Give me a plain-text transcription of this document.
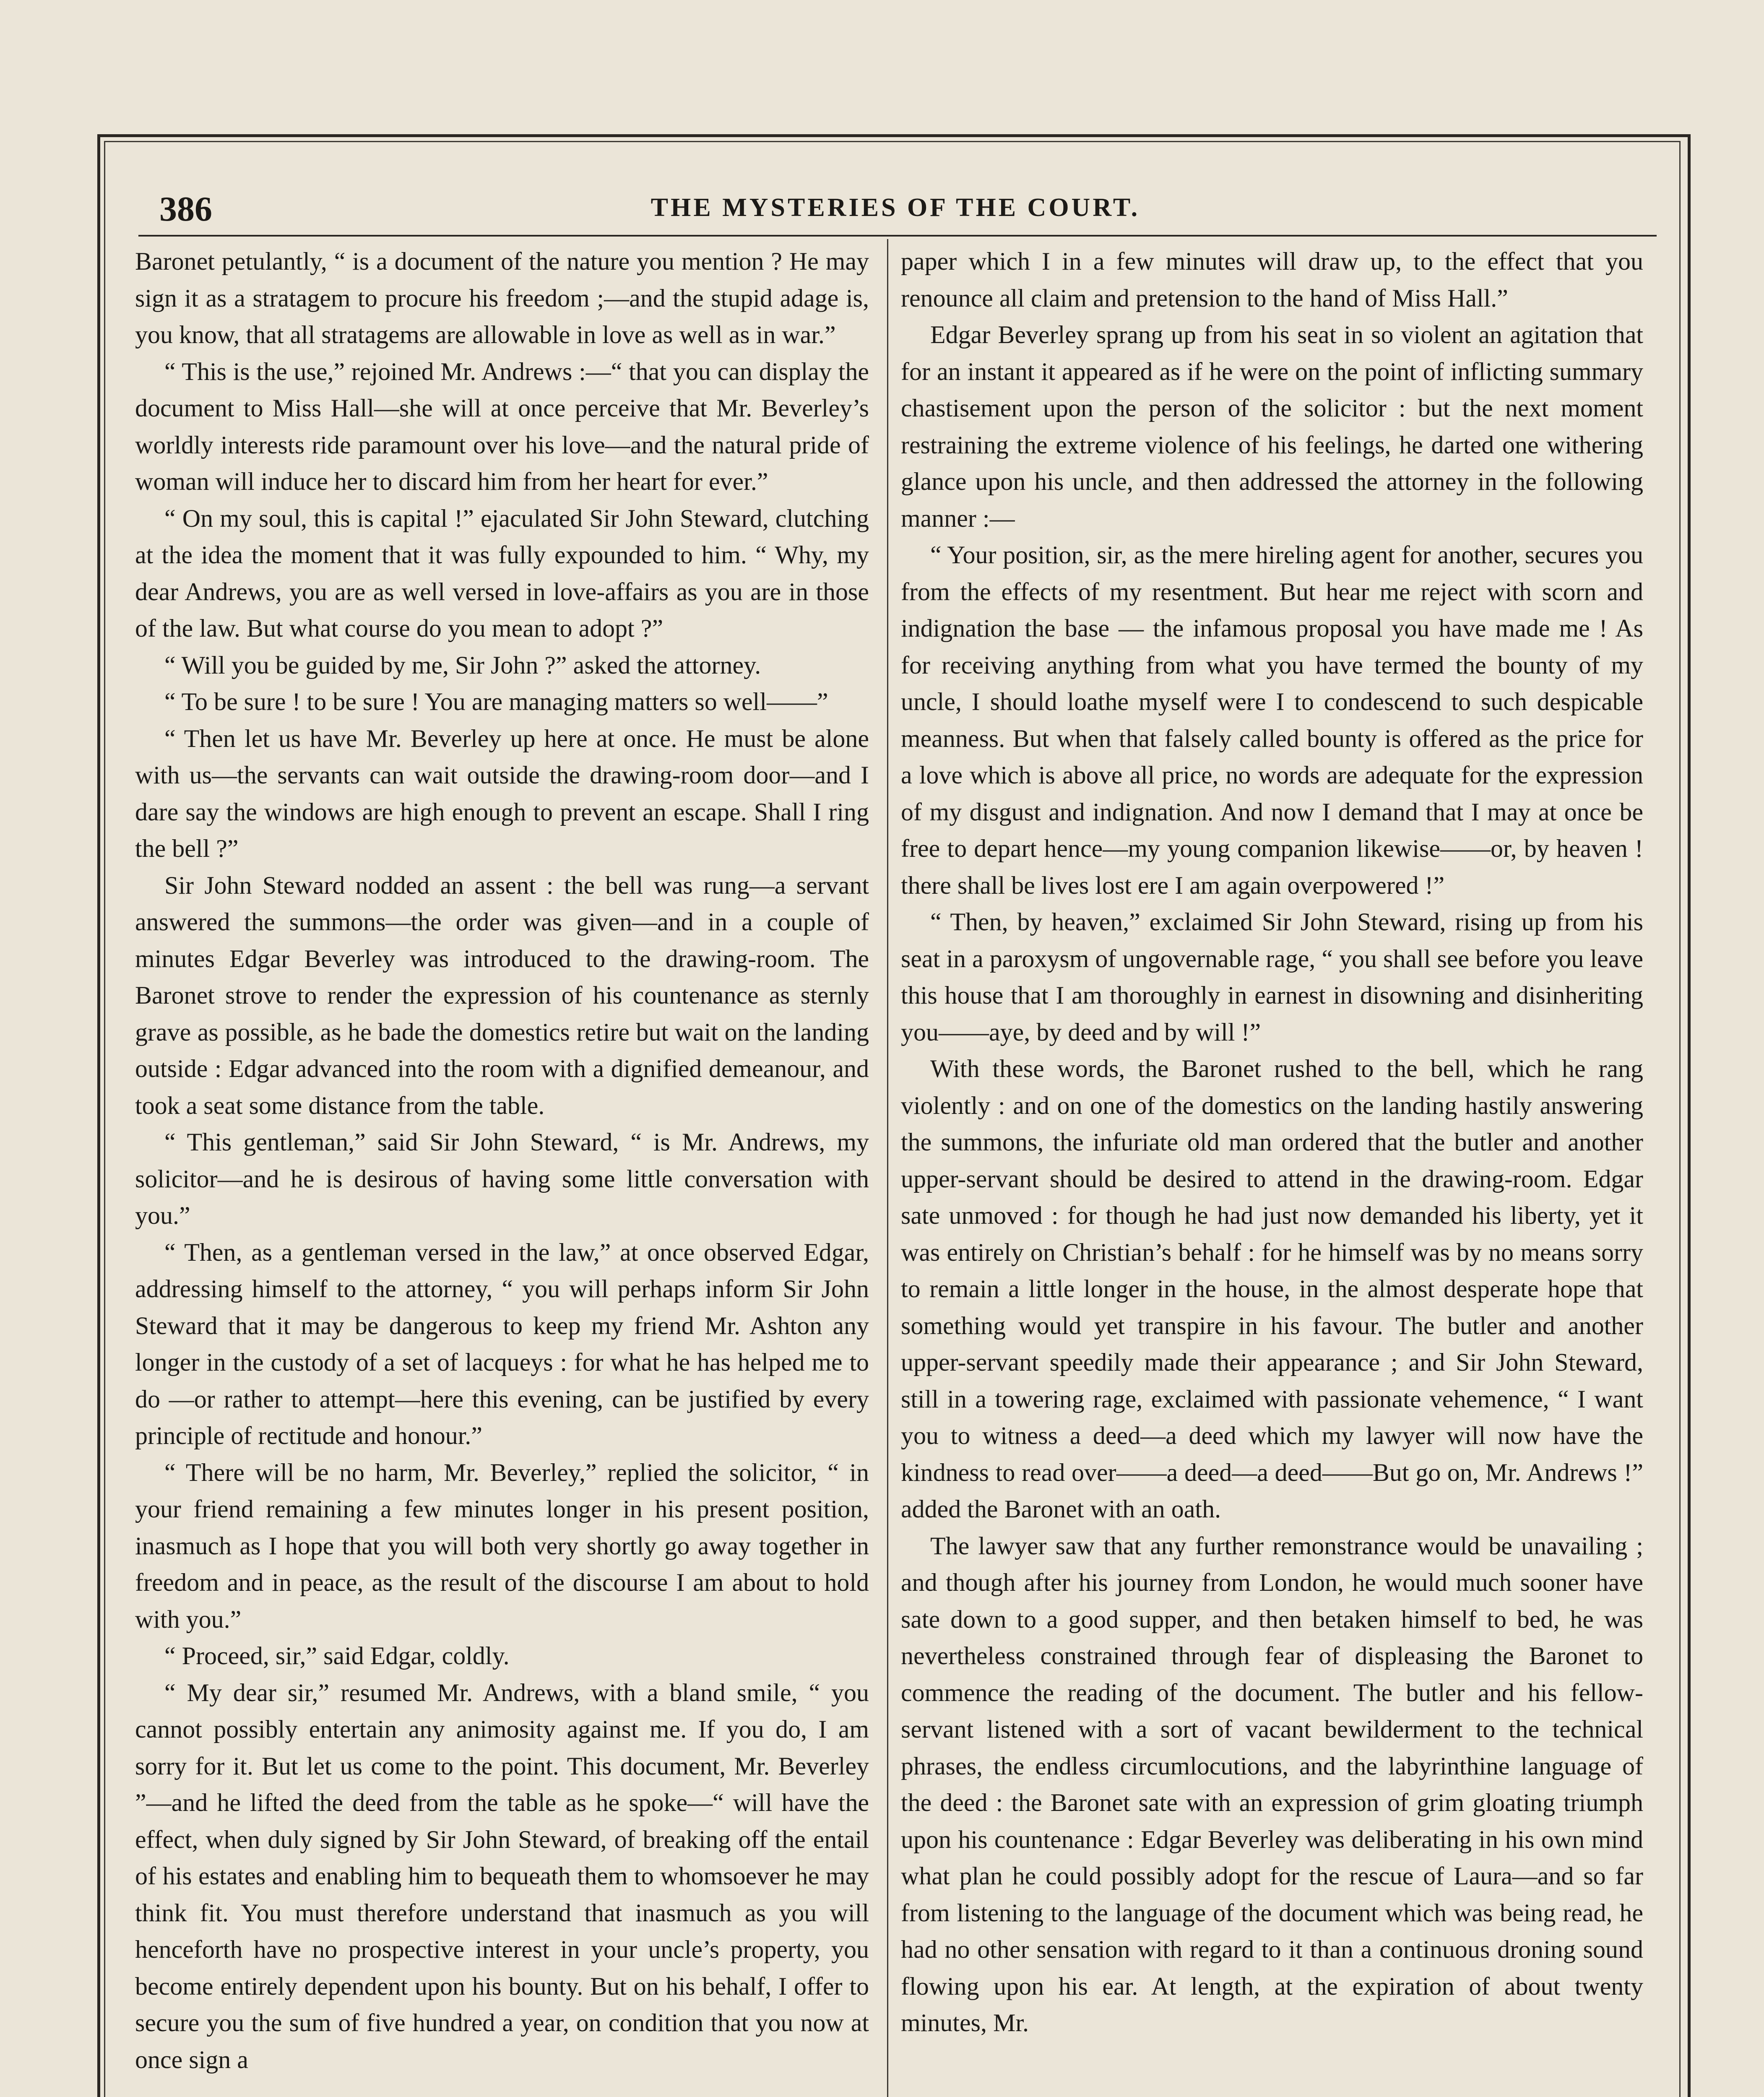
386	THE MYSTERIES OF THE COURT.

Baronet petulantly, “ is a document of the nature you mention ? He may sign it as a stratagem to procure his freedom ;—and the stupid adage is, you know, that all stratagems are allowable in love as well as in war.”

“ This is the use,” rejoined Mr. Andrews :—“ that you can display the document to Miss Hall—she will at once perceive that Mr. Beverley’s worldly interests ride paramount over his love—and the natural pride of woman will induce her to discard him from her heart for ever.”

“ On my soul, this is capital !” ejaculated Sir John Steward, clutching at the idea the moment that it was fully expounded to him. “ Why, my dear Andrews, you are as well versed in love-affairs as you are in those of the law. But what course do you mean to adopt ?”

“ Will you be guided by me, Sir John ?” asked the attorney.

“ To be sure ! to be sure ! You are managing matters so well——”

“ Then let us have Mr. Beverley up here at once. He must be alone with us—the servants can wait outside the drawing-room door—and I dare say the windows are high enough to prevent an escape. Shall I ring the bell ?”

Sir John Steward nodded an assent : the bell was rung—a servant answered the summons—the order was given—and in a couple of minutes Edgar Beverley was introduced to the drawing-room. The Baronet strove to render the expression of his countenance as sternly grave as possible, as he bade the domestics retire but wait on the landing outside : Edgar advanced into the room with a dignified demeanour, and took a seat some distance from the table.

“ This gentleman,” said Sir John Steward, “ is Mr. Andrews, my solicitor—and he is desirous of having some little conversation with you.”

“ Then, as a gentleman versed in the law,” at once observed Edgar, addressing himself to the attorney, “ you will perhaps inform Sir John Steward that it may be dangerous to keep my friend Mr. Ashton any longer in the custody of a set of lacqueys : for what he has helped me to do —or rather to attempt—here this evening, can be justified by every principle of rectitude and honour.”

“ There will be no harm, Mr. Beverley,” replied the solicitor, “ in your friend remaining a few minutes longer in his present position, inasmuch as I hope that you will both very shortly go away together in freedom and in peace, as the result of the discourse I am about to hold with you.”

“ Proceed, sir,” said Edgar, coldly.

“ My dear sir,” resumed Mr. Andrews, with a bland smile, “ you cannot possibly entertain any animosity against me. If you do, I am sorry for it. But let us come to the point. This document, Mr. Beverley ”—and he lifted the deed from the table as he spoke—“ will have the effect, when duly signed by Sir John Steward, of breaking off the entail of his estates and enabling him to bequeath them to whomsoever he may think fit. You must therefore understand that inasmuch as you will henceforth have no prospective interest in your uncle’s property, you become entirely dependent upon his bounty. But on his behalf, I offer to secure you the sum of five hundred a year, on condition that you now at once sign a

paper which I in a few minutes will draw up, to the effect that you renounce all claim and pretension to the hand of Miss Hall.”

Edgar Beverley sprang up from his seat in so violent an agitation that for an instant it appeared as if he were on the point of inflicting summary chastisement upon the person of the solicitor : but the next moment restraining the extreme violence of his feelings, he darted one withering glance upon his uncle, and then addressed the attorney in the following manner :—

“ Your position, sir, as the mere hireling agent for another, secures you from the effects of my resentment. But hear me reject with scorn and indignation the base — the infamous proposal you have made me ! As for receiving anything from what you have termed the bounty of my uncle, I should loathe myself were I to condescend to such despicable meanness. But when that falsely called bounty is offered as the price for a love which is above all price, no words are adequate for the expression of my disgust and indignation. And now I demand that I may at once be free to depart hence—my young companion likewise——or, by heaven ! there shall be lives lost ere I am again overpowered !”

“ Then, by heaven,” exclaimed Sir John Steward, rising up from his seat in a paroxysm of ungovernable rage, “ you shall see before you leave this house that I am thoroughly in earnest in disowning and disinheriting you——aye, by deed and by will !”

With these words, the Baronet rushed to the bell, which he rang violently : and on one of the domestics on the landing hastily answering the summons, the infuriate old man ordered that the butler and another upper-servant should be desired to attend in the drawing-room. Edgar sate unmoved : for though he had just now demanded his liberty, yet it was entirely on Christian’s behalf : for he himself was by no means sorry to remain a little longer in the house, in the almost desperate hope that something would yet transpire in his favour. The butler and another upper-servant speedily made their appearance ; and Sir John Steward, still in a towering rage, exclaimed with passionate vehemence, “ I want you to witness a deed—a deed which my lawyer will now have the kindness to read over——a deed—a deed——But go on, Mr. Andrews !” added the Baronet with an oath.

The lawyer saw that any further remonstrance would be unavailing ; and though after his journey from London, he would much sooner have sate down to a good supper, and then betaken himself to bed, he was nevertheless constrained through fear of displeasing the Baronet to commence the reading of the document. The butler and his fellow-servant listened with a sort of vacant bewilderment to the technical phrases, the endless circumlocutions, and the labyrinthine language of the deed : the Baronet sate with an expression of grim gloating triumph upon his countenance : Edgar Beverley was deliberating in his own mind what plan he could possibly adopt for the rescue of Laura—and so far from listening to the language of the document which was being read, he had no other sensation with regard to it than a continuous droning sound flowing upon his ear. At length, at the expiration of about twenty minutes, Mr.
